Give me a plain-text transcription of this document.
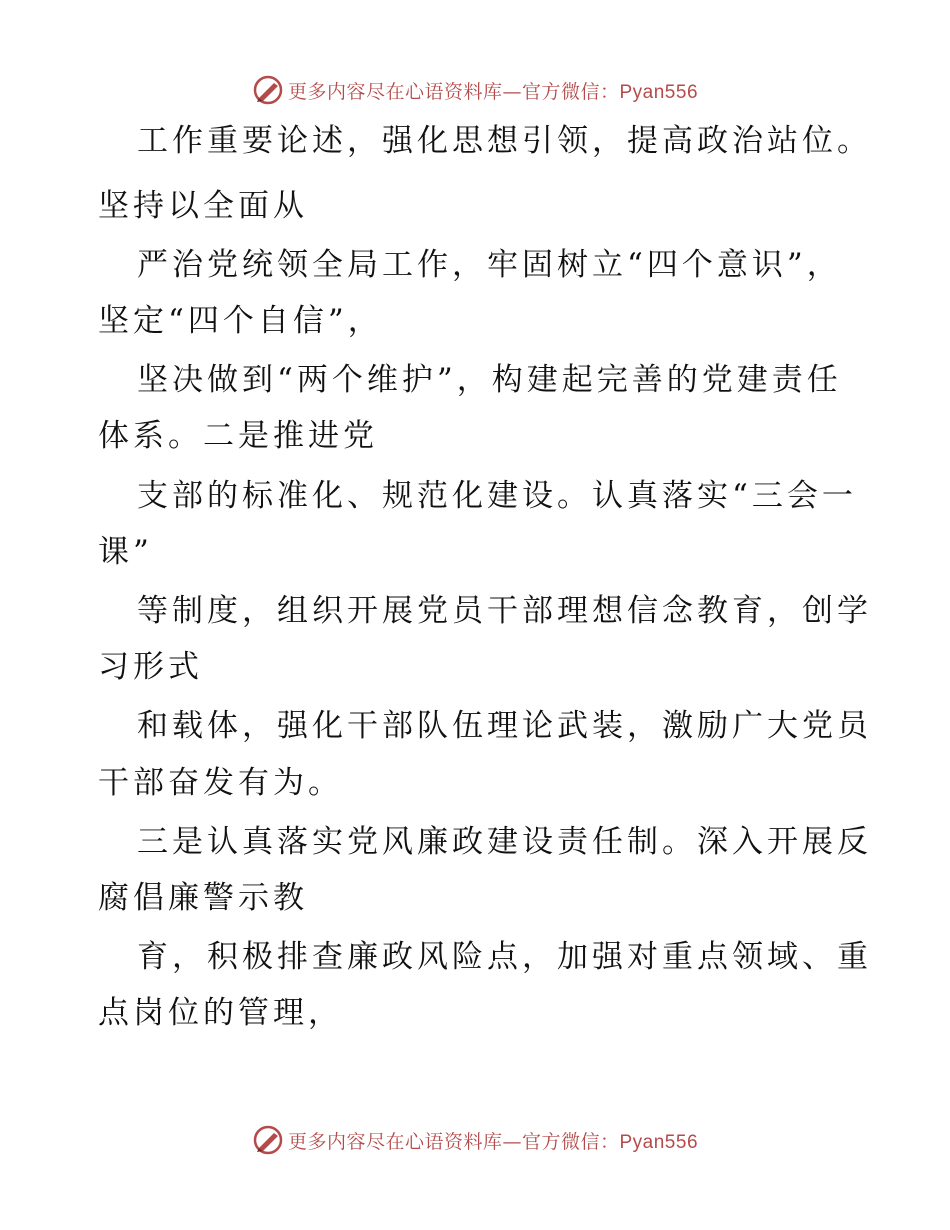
更多内容尽在心语资料库—官方微信：Pyan556
工作重要论述，强化思想引领，提高政治站位。
坚持以全面从
严治党统领全局工作，牢固树立“四个意识”，
坚定“四个自信”，
坚决做到“两个维护”，构建起完善的党建责任
体系。二是推进党
支部的标准化、规范化建设。认真落实“三会一
课”
等制度，组织开展党员干部理想信念教育，创学
习形式
和载体，强化干部队伍理论武装，激励广大党员
干部奋发有为。
三是认真落实党风廉政建设责任制。深入开展反
腐倡廉警示教
育，积极排查廉政风险点，加强对重点领域、重
点岗位的管理，
更多内容尽在心语资料库—官方微信：Pyan556
